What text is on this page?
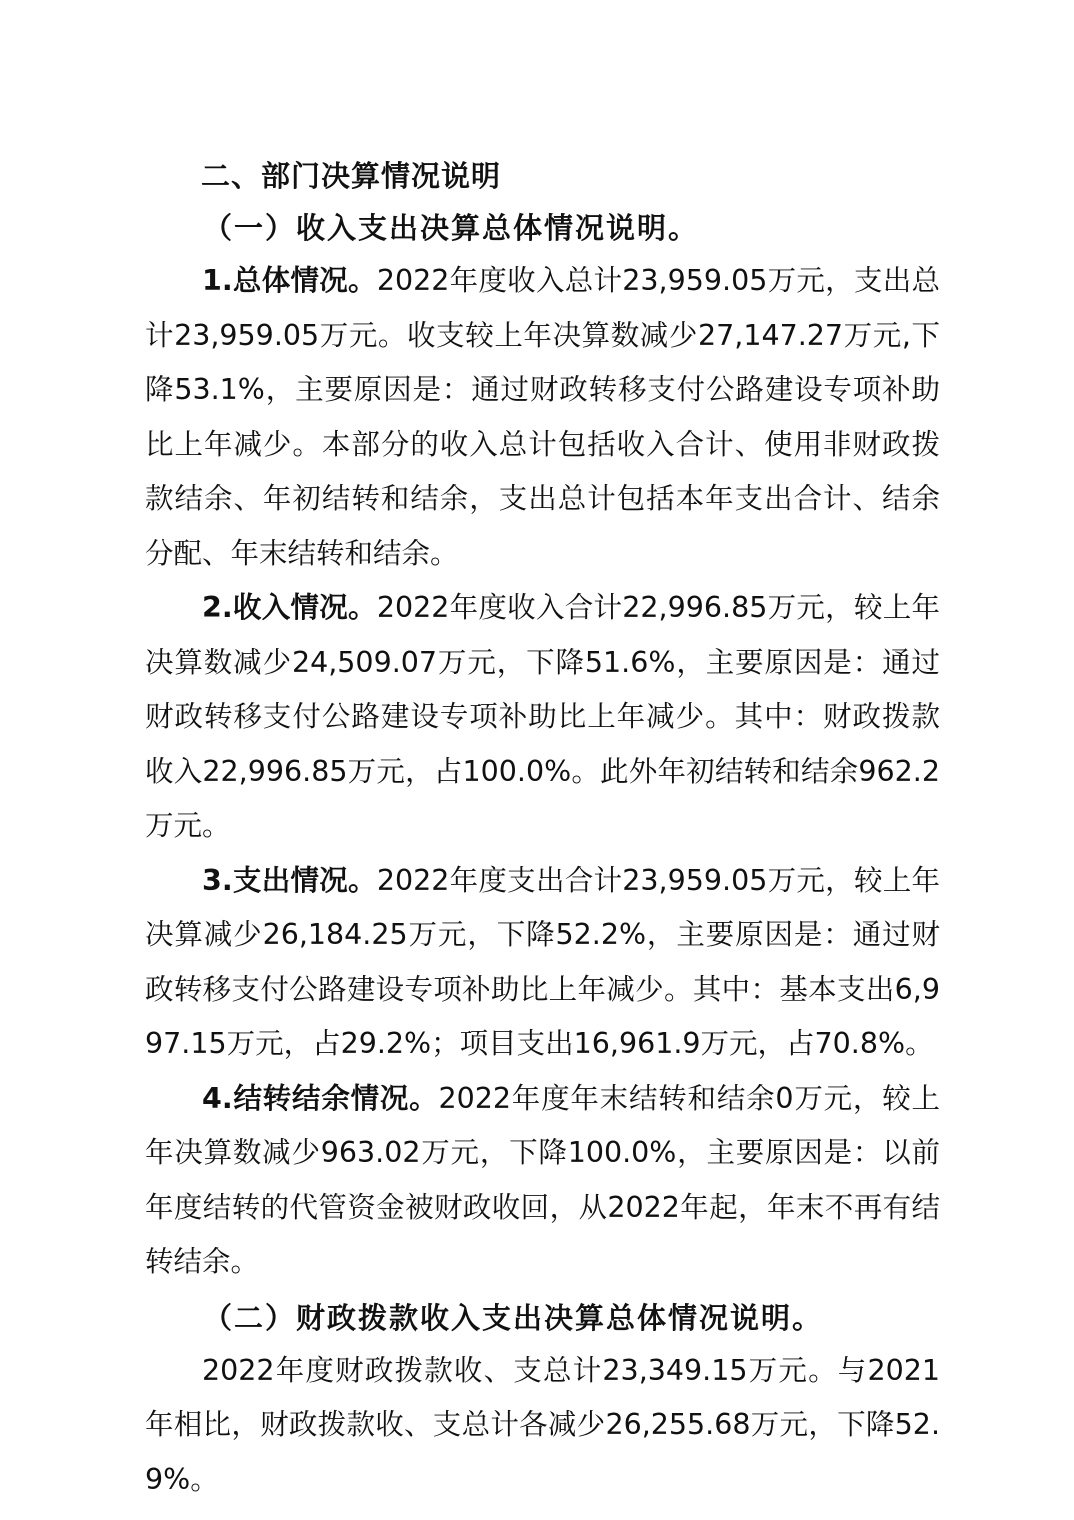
二、部门决算情况说明
（一）收入支出决算总体情况说明。

1.总体情况。2022年度收入总计23,959.05万元，支出总计23,959.05万元。收支较上年决算数减少27,147.27万元,下降53.1%，主要原因是：通过财政转移支付公路建设专项补助比上年减少。本部分的收入总计包括收入合计、使用非财政拨款结余、年初结转和结余，支出总计包括本年支出合计、结余分配、年末结转和结余。

2.收入情况。2022年度收入合计22,996.85万元，较上年决算数减少24,509.07万元，下降51.6%，主要原因是：通过财政转移支付公路建设专项补助比上年减少。其中：财政拨款收入22,996.85万元，占100.0%。此外年初结转和结余962.2万元。

3.支出情况。2022年度支出合计23,959.05万元，较上年决算减少26,184.25万元，下降52.2%，主要原因是：通过财政转移支付公路建设专项补助比上年减少。其中：基本支出6,997.15万元，占29.2%；项目支出16,961.9万元，占70.8%。

4.结转结余情况。2022年度年末结转和结余0万元，较上年决算数减少963.02万元，下降100.0%，主要原因是：以前年度结转的代管资金被财政收回，从2022年起，年末不再有结转结余。

（二）财政拨款收入支出决算总体情况说明。

2022年度财政拨款收、支总计23,349.15万元。与2021年相比，财政拨款收、支总计各减少26,255.68万元，下降52.9%。
